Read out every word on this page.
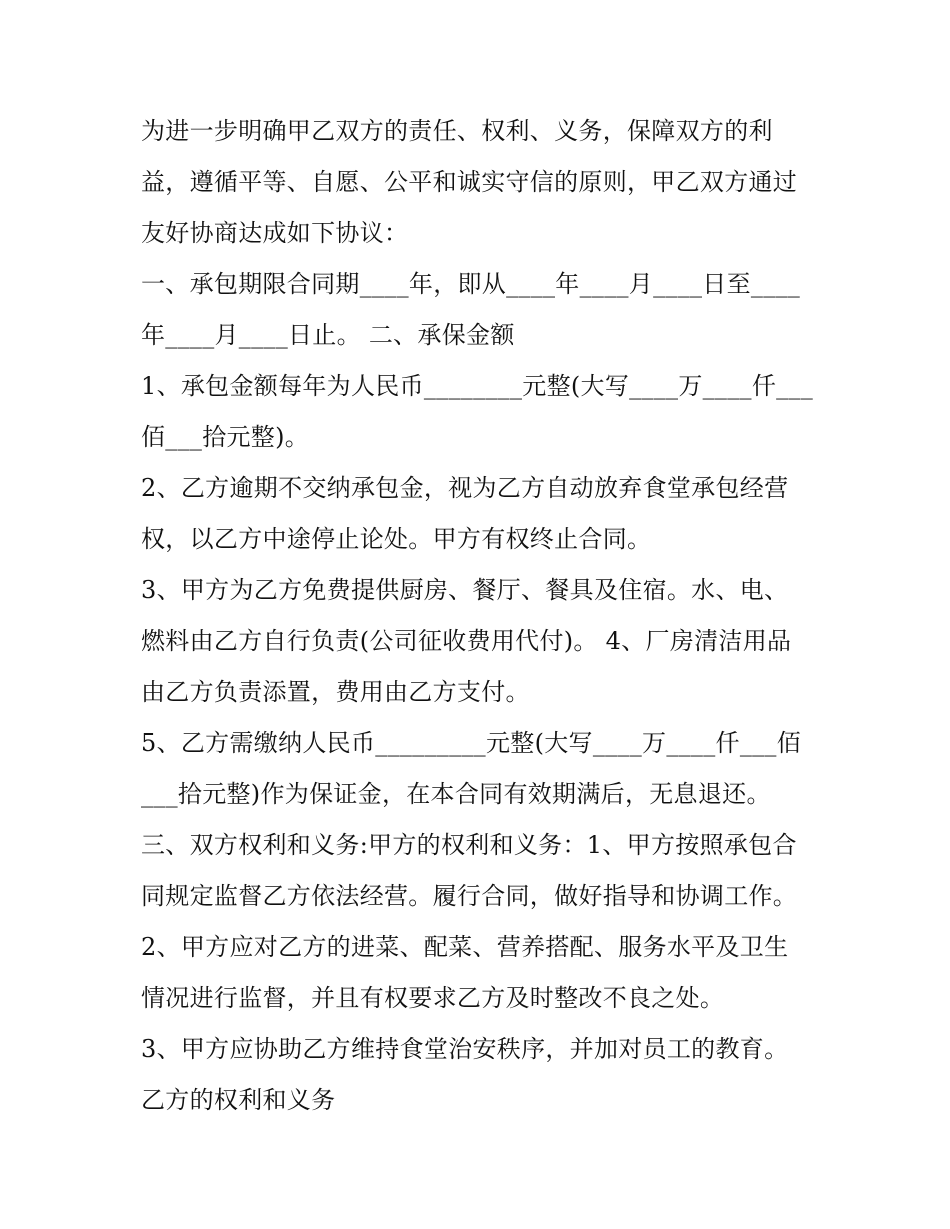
为进一步明确甲乙双方的责任、权利、义务，保障双方的利
益，遵循平等、自愿、公平和诚实守信的原则，甲乙双方通过
友好协商达成如下协议：
一、承包期限合同期____年，即从____年____月____日至____
年____月____日止。 二、承保金额
1、承包金额每年为人民币________元整(大写____万____仟___
佰___拾元整)。
2、乙方逾期不交纳承包金，视为乙方自动放弃食堂承包经营
权，以乙方中途停止论处。甲方有权终止合同。
3、甲方为乙方免费提供厨房、餐厅、餐具及住宿。水、电、
燃料由乙方自行负责(公司征收费用代付)。 4、厂房清洁用品
由乙方负责添置，费用由乙方支付。
5、乙方需缴纳人民币_________元整(大写____万____仟___佰
___拾元整)作为保证金，在本合同有效期满后，无息退还。
三、双方权利和义务:甲方的权利和义务：1、甲方按照承包合
同规定监督乙方依法经营。履行合同，做好指导和协调工作。
2、甲方应对乙方的进菜、配菜、营养搭配、服务水平及卫生
情况进行监督，并且有权要求乙方及时整改不良之处。
3、甲方应协助乙方维持食堂治安秩序，并加对员工的教育。
乙方的权利和义务
